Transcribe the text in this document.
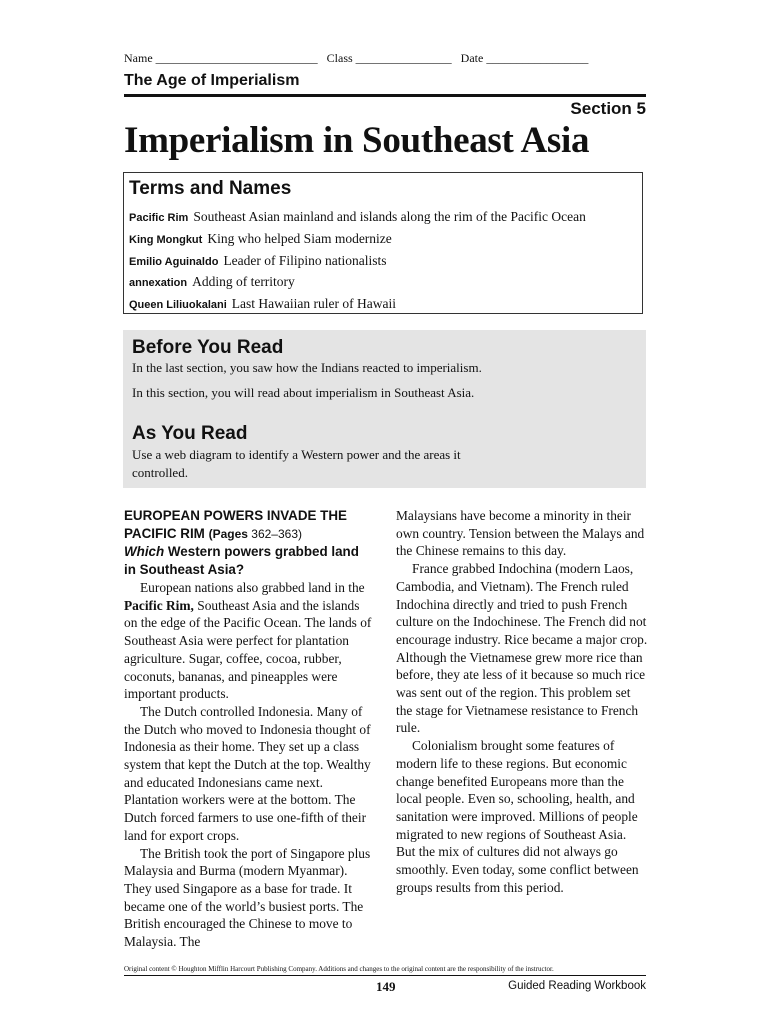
Name ___________________________ Class ________________ Date _________________
The Age of Imperialism
Section 5
Imperialism in Southeast Asia
Terms and Names
Pacific Rim Southeast Asian mainland and islands along the rim of the Pacific Ocean
King Mongkut King who helped Siam modernize
Emilio Aguinaldo Leader of Filipino nationalists
annexation Adding of territory
Queen Liliuokalani Last Hawaiian ruler of Hawaii
Before You Read

In the last section, you saw how the Indians reacted to imperialism.

In this section, you will read about imperialism in Southeast Asia.

As You Read

Use a web diagram to identify a Western power and the areas it

controlled.

EUROPEAN POWERS INVADE THE
PACIFIC RIM (Pages 362–363)
Which Western powers grabbed land
in Southeast Asia?

European nations also grabbed land in the Pacific Rim, Southeast Asia and the islands on the edge of the Pacific Ocean. The lands of Southeast Asia were perfect for plantation agriculture. Sugar, coffee, cocoa, rubber, coconuts, bananas, and pineapples were important products.

The Dutch controlled Indonesia. Many of the Dutch who moved to Indonesia thought of Indonesia as their home. They set up a class system that kept the Dutch at the top. Wealthy and educated Indonesians came next. Plantation workers were at the bottom. The Dutch forced farmers to use one-fifth of their land for export crops.

The British took the port of Singapore plus Malaysia and Burma (modern Myanmar). They used Singapore as a base for trade. It became one of the world’s busiest ports. The British encouraged the Chinese to move to Malaysia. The

Malaysians have become a minority in their own country. Tension between the Malays and the Chinese remains to this day.

France grabbed Indochina (modern Laos, Cambodia, and Vietnam). The French ruled Indochina directly and tried to push French culture on the Indochinese. The French did not encourage industry. Rice became a major crop. Although the Vietnamese grew more rice than before, they ate less of it because so much rice was sent out of the region. This problem set the stage for Vietnamese resistance to French rule.

Colonialism brought some features of modern life to these regions. But economic change benefited Europeans more than the local people. Even so, schooling, health, and sanitation were improved. Millions of people migrated to new regions of Southeast Asia. But the mix of cultures did not always go smoothly. Even today, some conflict between groups results from this period.

Original content © Houghton Mifflin Harcourt Publishing Company. Additions and changes to the original content are the responsibility of the instructor.
149	Guided Reading Workbook
